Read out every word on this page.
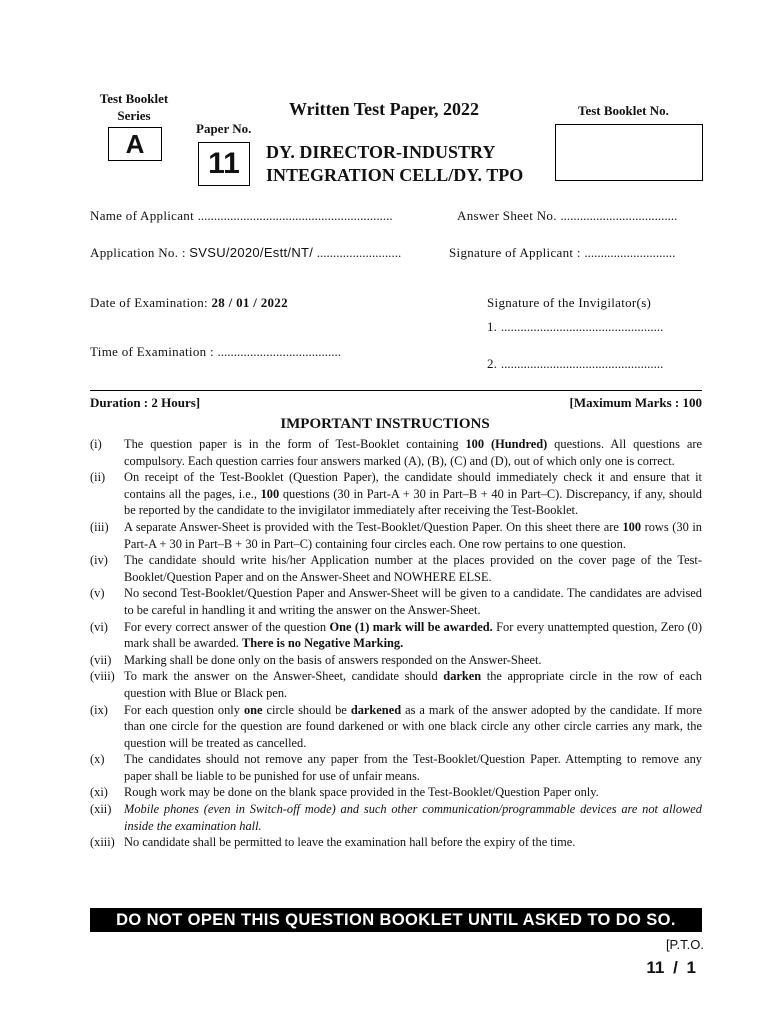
Test Booklet
Series
A
Paper No.
11
Written Test Paper, 2022
DY. DIRECTOR-INDUSTRY
INTEGRATION CELL/DY. TPO
Test Booklet No.
Name of Applicant ............................................................	Answer Sheet No. ....................................
Application No. : SVSU/2020/Estt/NT/ ..........................	Signature of Applicant : ............................
Date of Examination: 28 / 01 / 2022	Signature of the Invigilator(s)
1. ..................................................
Time of Examination : ......................................
2. ..................................................
Duration : 2 Hours]	[Maximum Marks : 100
IMPORTANT INSTRUCTIONS
(i)	The question paper is in the form of Test-Booklet containing 100 (Hundred) questions. All questions are compulsory. Each question carries four answers marked (A), (B), (C) and (D), out of which only one is correct.
(ii)	On receipt of the Test-Booklet (Question Paper), the candidate should immediately check it and ensure that it contains all the pages, i.e., 100 questions (30 in Part-A + 30 in Part–B + 40 in Part–C). Discrepancy, if any, should be reported by the candidate to the invigilator immediately after receiving the Test-Booklet.
(iii)	A separate Answer-Sheet is provided with the Test-Booklet/Question Paper. On this sheet there are 100 rows (30 in Part-A + 30 in Part–B + 30 in Part–C) containing four circles each. One row pertains to one question.
(iv)	The candidate should write his/her Application number at the places provided on the cover page of the Test-Booklet/Question Paper and on the Answer-Sheet and NOWHERE ELSE.
(v)	No second Test-Booklet/Question Paper and Answer-Sheet will be given to a candidate. The candidates are advised to be careful in handling it and writing the answer on the Answer-Sheet.
(vi)	For every correct answer of the question One (1) mark will be awarded. For every unattempted question, Zero (0) mark shall be awarded. There is no Negative Marking.
(vii)	Marking shall be done only on the basis of answers responded on the Answer-Sheet.
(viii) To mark the answer on the Answer-Sheet, candidate should darken the appropriate circle in the row of each question with Blue or Black pen.
(ix)	For each question only one circle should be darkened as a mark of the answer adopted by the candidate. If more than one circle for the question are found darkened or with one black circle any other circle carries any mark, the question will be treated as cancelled.
(x)	The candidates should not remove any paper from the Test-Booklet/Question Paper. Attempting to remove any paper shall be liable to be punished for use of unfair means.
(xi)	Rough work may be done on the blank space provided in the Test-Booklet/Question Paper only.
(xii)	Mobile phones (even in Switch-off mode) and such other communication/programmable devices are not allowed inside the examination hall.
(xiii) No candidate shall be permitted to leave the examination hall before the expiry of the time.
DO NOT OPEN THIS QUESTION BOOKLET UNTIL ASKED TO DO SO.
[P.T.O.
11 / 1
